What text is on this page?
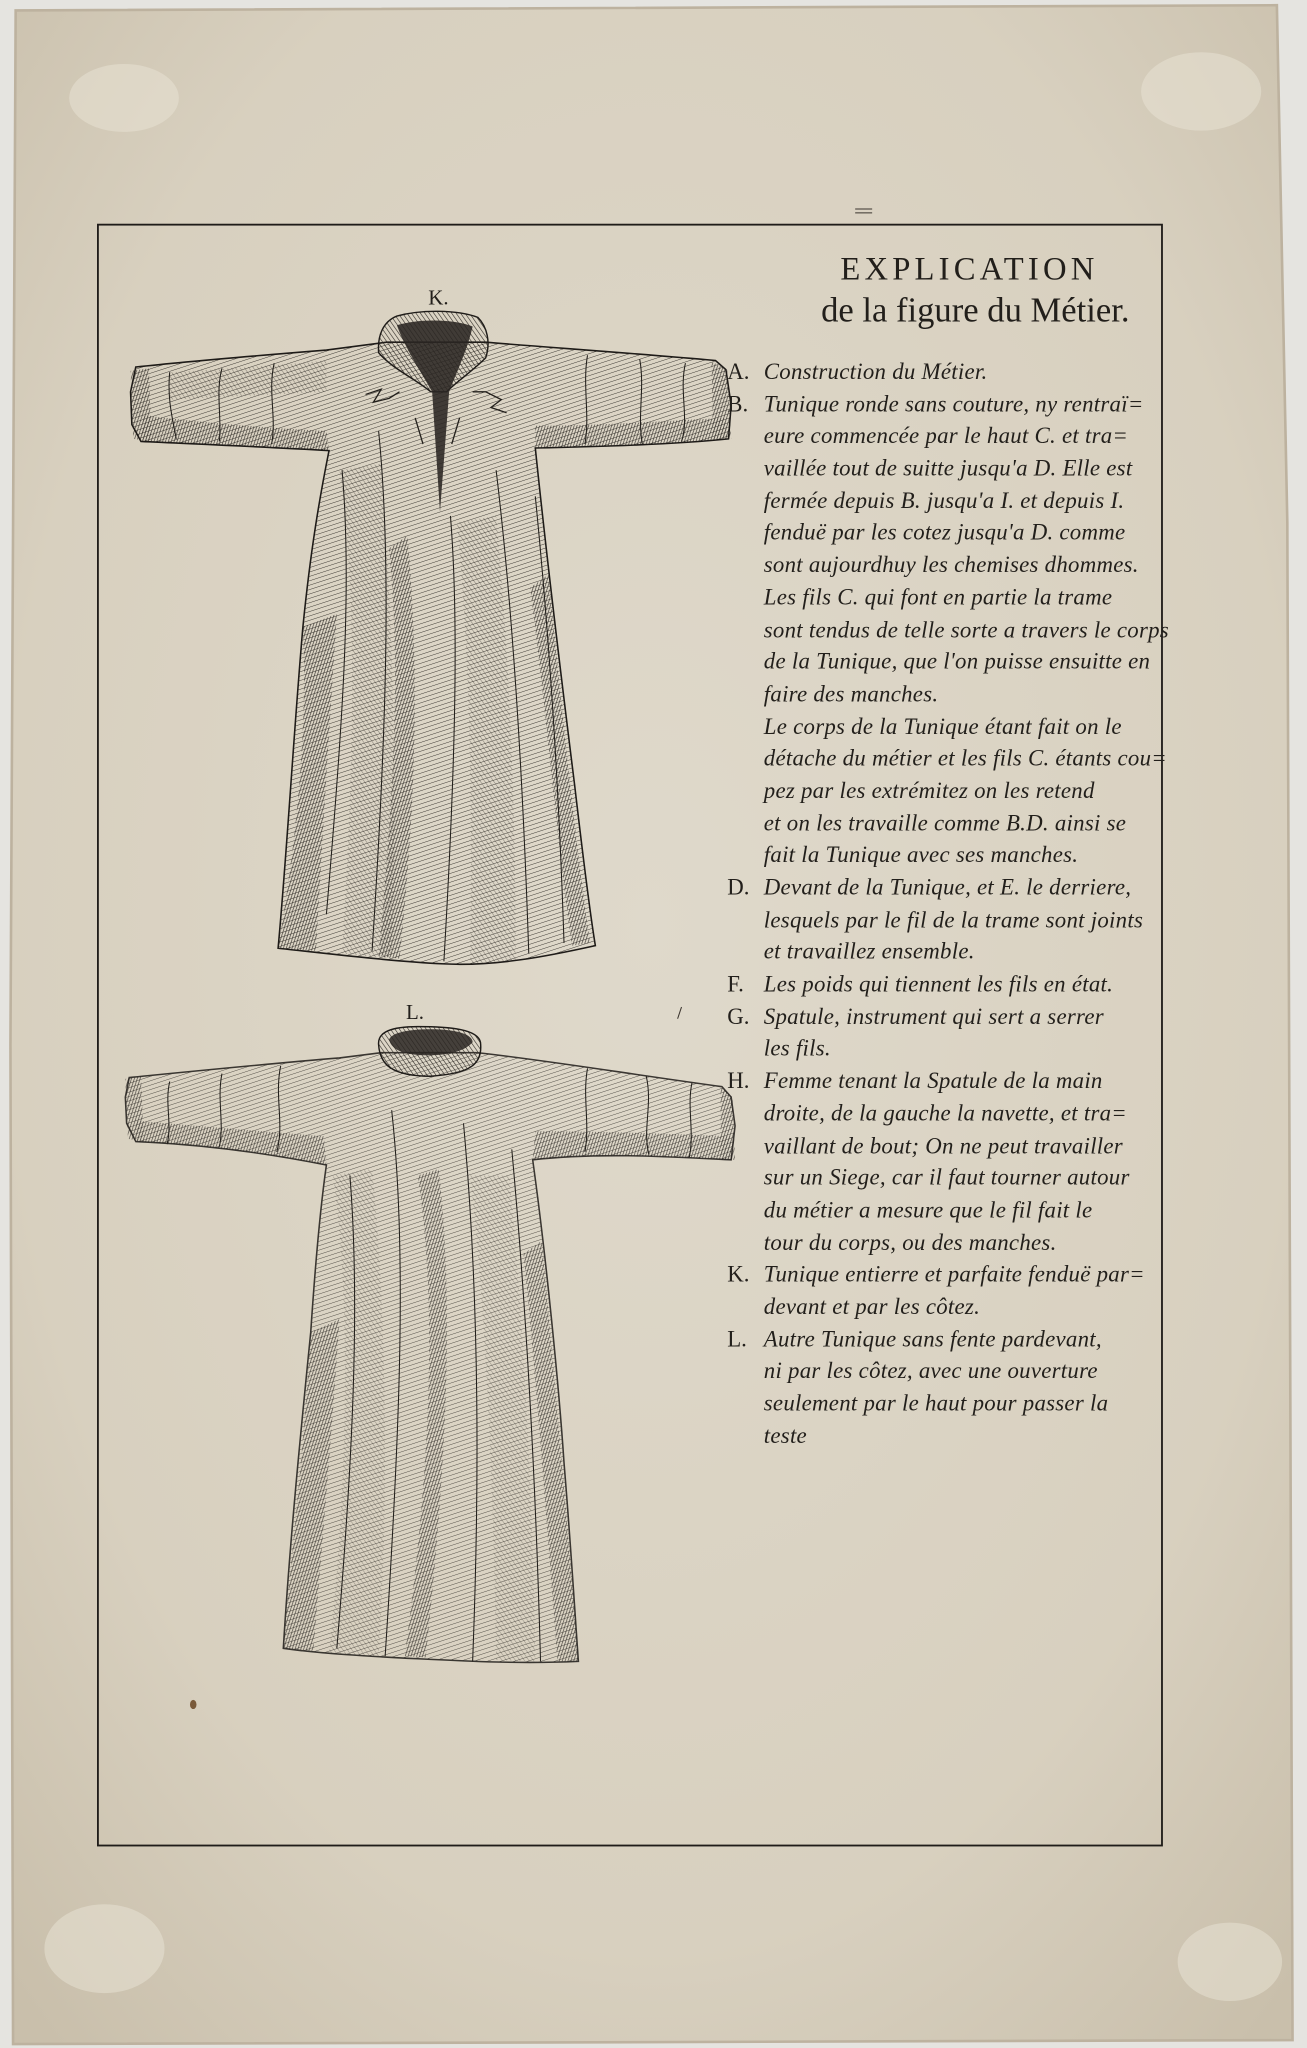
EXPLICATION
de la figure du Métier.
K.
L.
A. Construction du Métier.
B. Tunique ronde sans couture, ny rentraï=
eure commencée par le haut C. et tra=
vaillée tout de suitte jusqu'a D. Elle est
fermée depuis B. jusqu'a I. et depuis I.
fenduë par les cotez jusqu'a D. comme
sont aujourdhuy les chemises dhommes.
Les fils C. qui font en partie la trame
sont tendus de telle sorte a travers le corps
de la Tunique, que l'on puisse ensuitte en
faire des manches.
Le corps de la Tunique étant fait on le
détache du métier et les fils C. étants cou=
pez par les extrémitez on les retend
et on les travaille comme B.D. ainsi se
fait la Tunique avec ses manches.
D. Devant de la Tunique, et E. le derriere,
lesquels par le fil de la trame sont joints
et travaillez ensemble.
F.	Les poids qui tiennent les fils en état.
G. Spatule, instrument qui sert a serrer
les fils.
H. Femme tenant la Spatule de la main
droite, de la gauche la navette, et tra=
vaillant de bout; On ne peut travailler
sur un Siege, car il faut tourner autour
du métier a mesure que le fil fait le
tour du corps, ou des manches.
K. Tunique entierre et parfaite fenduë par=
devant et par les côtez.
L. Autre Tunique sans fente pardevant,
ni par les côtez, avec une ouverture
seulement par le haut pour passer la
teste
